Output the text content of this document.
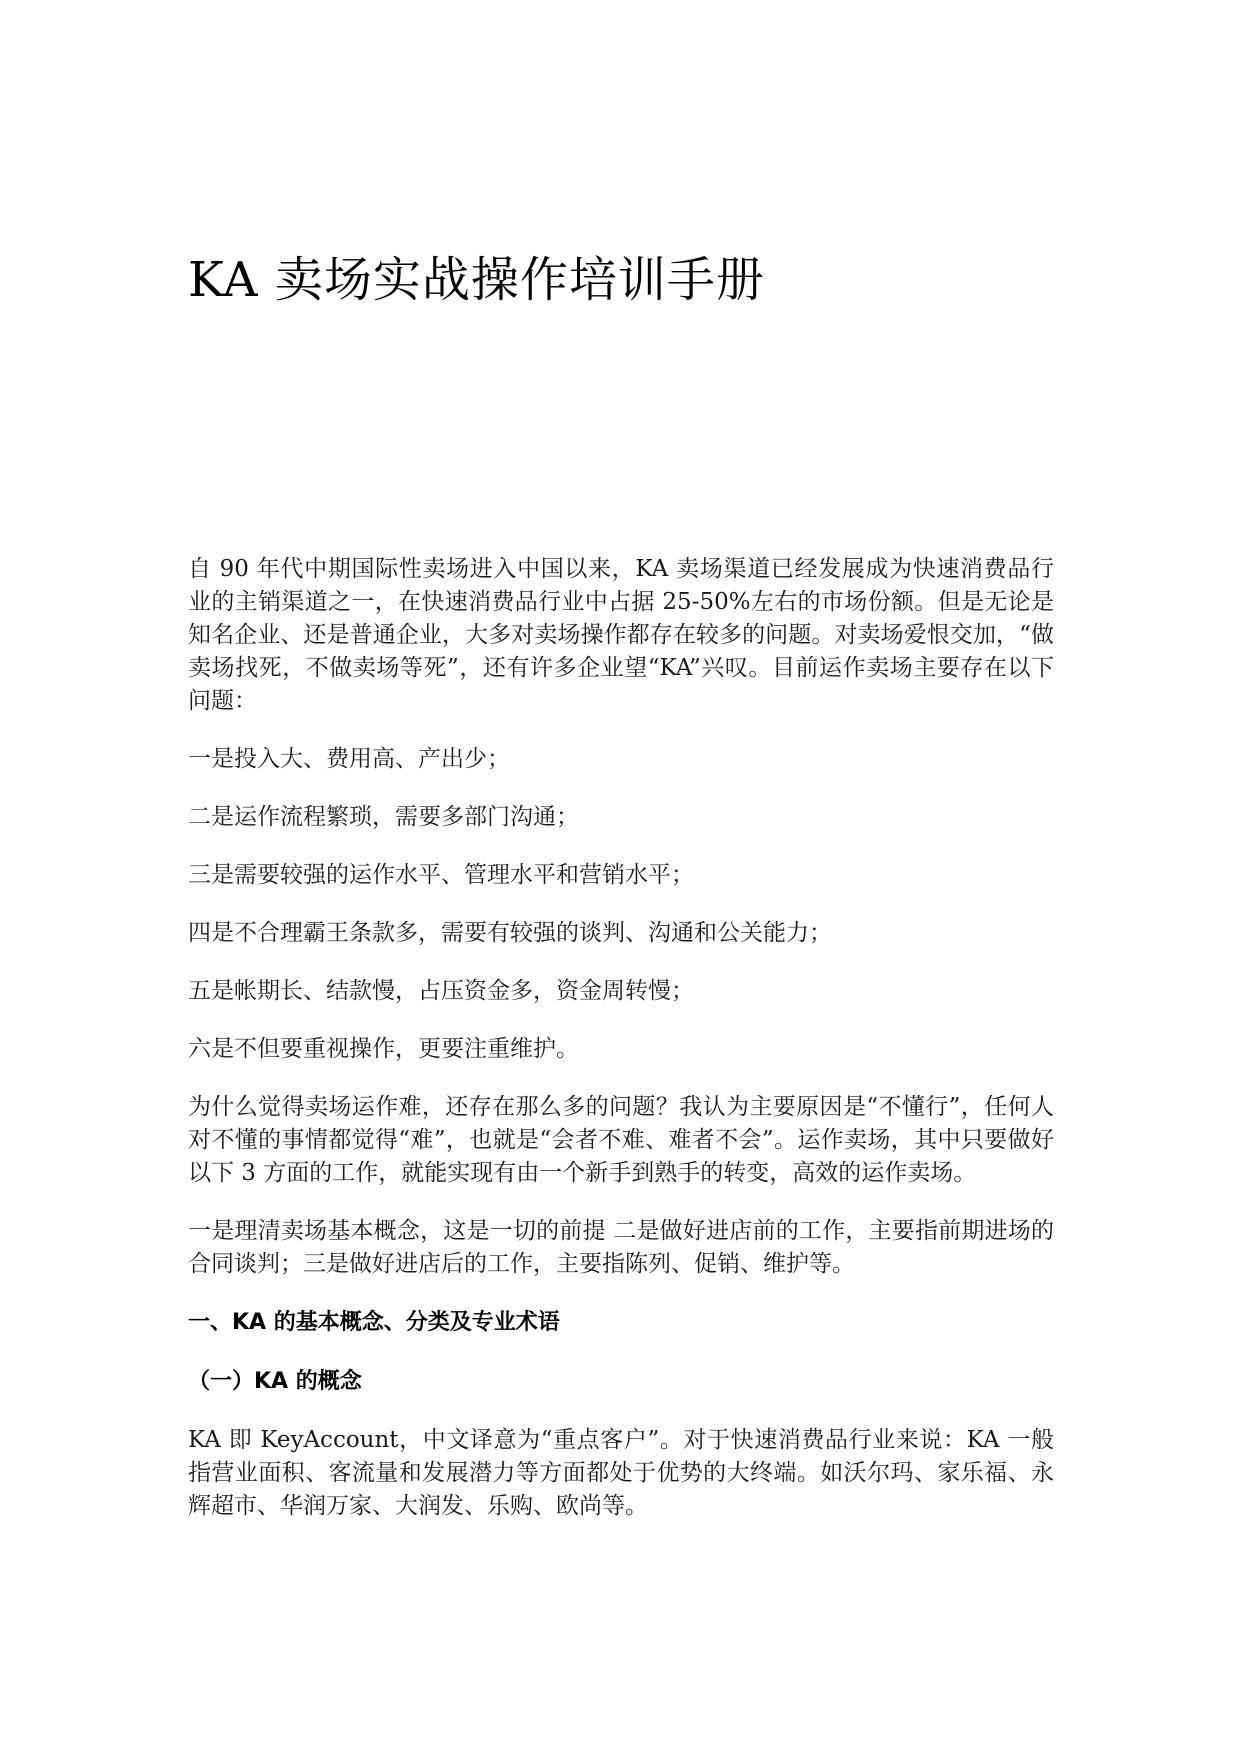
KA 卖场实战操作培训手册

自 90 年代中期国际性卖场进入中国以来，KA 卖场渠道已经发展成为快速消费品行业的主销渠道之一，在快速消费品行业中占据 25-50%左右的市场份额。但是无论是知名企业、还是普通企业，大多对卖场操作都存在较多的问题。对卖场爱恨交加，“做卖场找死，不做卖场等死”，还有许多企业望“KA”兴叹。目前运作卖场主要存在以下问题：

一是投入大、费用高、产出少；

二是运作流程繁琐，需要多部门沟通；

三是需要较强的运作水平、管理水平和营销水平；

四是不合理霸王条款多，需要有较强的谈判、沟通和公关能力；

五是帐期长、结款慢，占压资金多，资金周转慢；

六是不但要重视操作，更要注重维护。

为什么觉得卖场运作难，还存在那么多的问题？我认为主要原因是“不懂行”，任何人对不懂的事情都觉得“难”，也就是“会者不难、难者不会”。运作卖场，其中只要做好以下 3 方面的工作，就能实现有由一个新手到熟手的转变，高效的运作卖场。

一是理清卖场基本概念，这是一切的前提 二是做好进店前的工作，主要指前期进场的合同谈判；三是做好进店后的工作，主要指陈列、促销、维护等。

一、KA 的基本概念、分类及专业术语
（一）KA 的概念

KA 即 KeyAccount，中文译意为“重点客户”。对于快速消费品行业来说：KA 一般指营业面积、客流量和发展潜力等方面都处于优势的大终端。如沃尔玛、家乐福、永辉超市、华润万家、大润发、乐购、欧尚等。
